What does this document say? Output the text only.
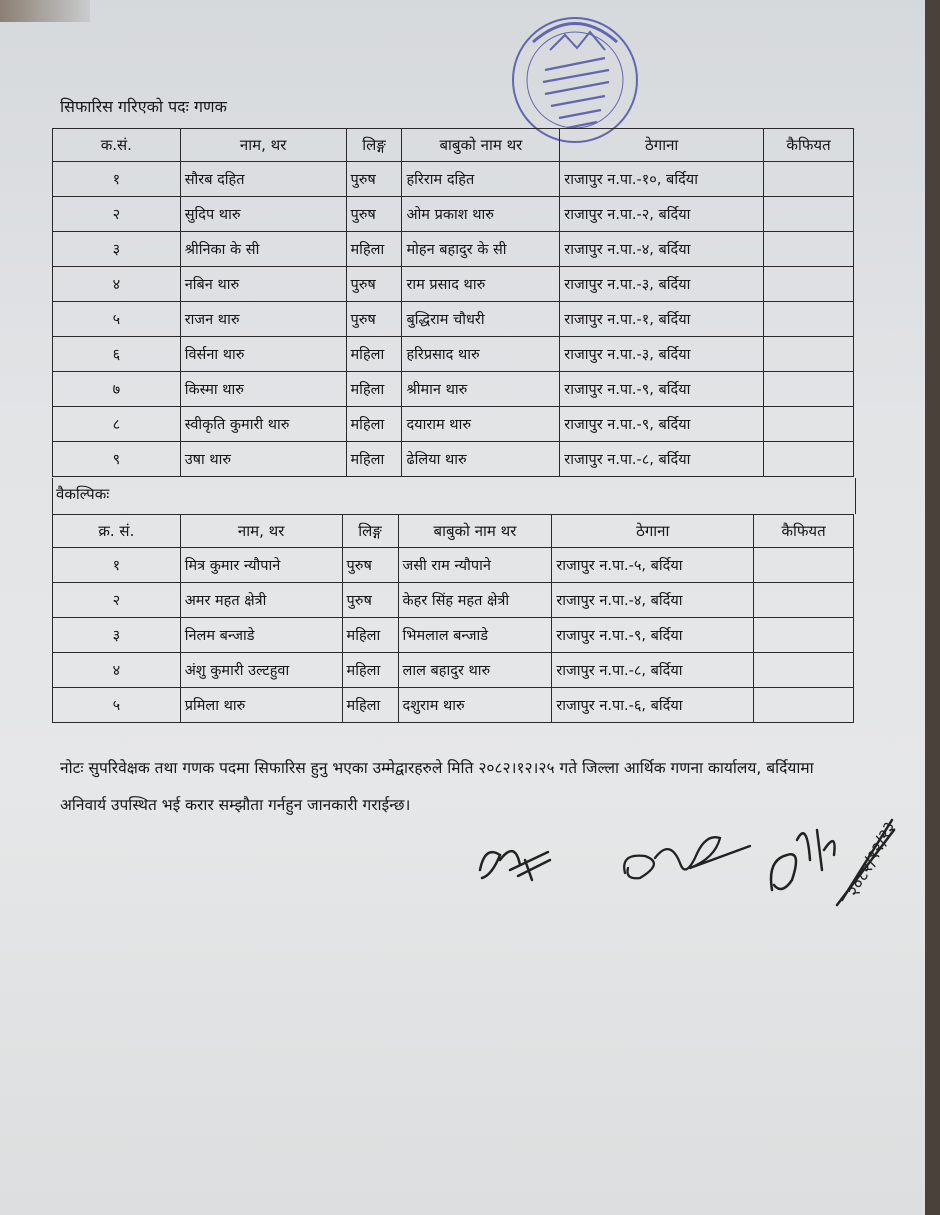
सिफारिस गरिएको पदः गणक
क.सं.	नाम, थर	लिङ्ग	बाबुको नाम थर	ठेगाना	कैफियत
१	सौरब दहित	पुरुष	हरिराम दहित	राजापुर न.पा.-१०, बर्दिया	
२	सुदिप थारु	पुरुष	ओम प्रकाश थारु	राजापुर न.पा.-२, बर्दिया	
३	श्रीनिका के सी	महिला	मोहन बहादुर के सी	राजापुर न.पा.-४, बर्दिया	
४	नबिन थारु	पुरुष	राम प्रसाद थारु	राजापुर न.पा.-३, बर्दिया	
५	राजन थारु	पुरुष	बुद्धिराम चौधरी	राजापुर न.पा.-१, बर्दिया	
६	विर्सना थारु	महिला	हरिप्रसाद थारु	राजापुर न.पा.-३, बर्दिया	
७	किस्मा थारु	महिला	श्रीमान थारु	राजापुर न.पा.-९, बर्दिया	
८	स्वीकृति कुमारी थारु	महिला	दयाराम थारु	राजापुर न.पा.-९, बर्दिया	
९	उषा थारु	महिला	ढेलिया थारु	राजापुर न.पा.-८, बर्दिया	
वैकल्पिकः
क्र. सं.	नाम, थर	लिङ्ग	बाबुको नाम थर	ठेगाना	कैफियत
१	मित्र कुमार न्यौपाने	पुरुष	जसी राम न्यौपाने	राजापुर न.पा.-५, बर्दिया	
२	अमर महत क्षेत्री	पुरुष	केहर सिंह महत क्षेत्री	राजापुर न.पा.-४, बर्दिया	
३	निलम बन्जाडे	महिला	भिमलाल बन्जाडे	राजापुर न.पा.-९, बर्दिया	
४	अंशु कुमारी उल्टहुवा	महिला	लाल बहादुर थारु	राजापुर न.पा.-८, बर्दिया	
५	प्रमिला थारु	महिला	दशुराम थारु	राजापुर न.पा.-६, बर्दिया	
नोटः सुपरिवेक्षक तथा गणक पदमा सिफारिस हुनु भएका उम्मेद्वारहरुले मिति २०८२।१२।२५ गते जिल्ला आर्थिक गणना कार्यालय, बर्दियामा अनिवार्य उपस्थित भई करार सम्झौता गर्नहुन जानकारी गराईन्छ।
२०८२/१२/२३
